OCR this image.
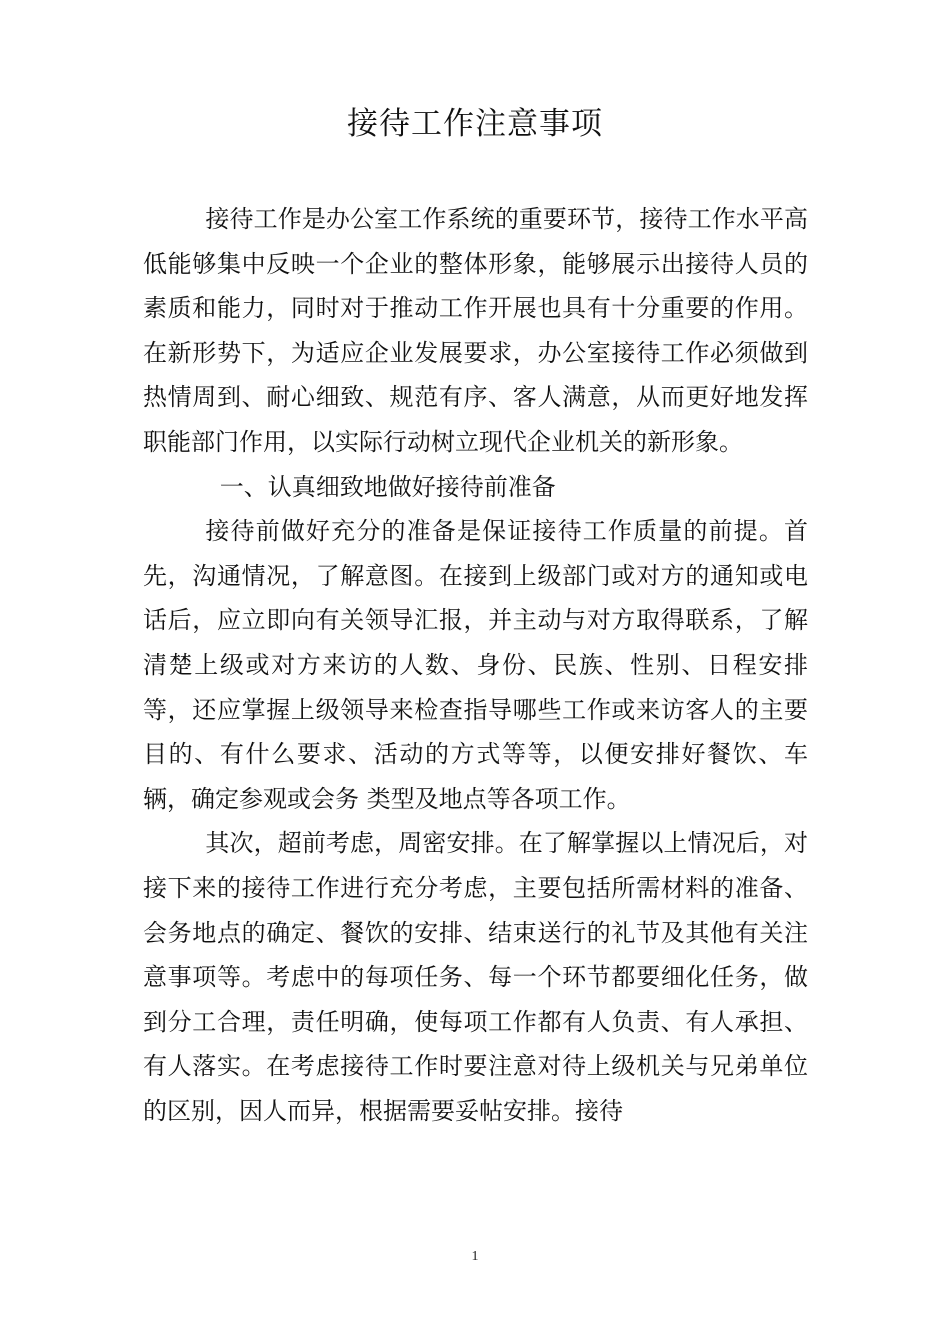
接待工作注意事项

接待工作是办公室工作系统的重要环节，接待工作水平高低能够集中反映一个企业的整体形象，能够展示出接待人员的素质和能力，同时对于推动工作开展也具有十分重要的作用。在新形势下，为适应企业发展要求，办公室接待工作必须做到热情周到、耐心细致、规范有序、客人满意，从而更好地发挥职能部门作用，以实际行动树立现代企业机关的新形象。

一、认真细致地做好接待前准备

接待前做好充分的准备是保证接待工作质量的前提。首先，沟通情况，了解意图。在接到上级部门或对方的通知或电话后，应立即向有关领导汇报，并主动与对方取得联系，了解清楚上级或对方来访的人数、身份、民族、性别、日程安排等，还应掌握上级领导来检查指导哪些工作或来访客人的主要目的、有什么要求、活动的方式等等，以便安排好餐饮、车辆，确定参观或会务 类型及地点等各项工作。

其次，超前考虑，周密安排。在了解掌握以上情况后，对接下来的接待工作进行充分考虑，主要包括所需材料的准备、会务地点的确定、餐饮的安排、结束送行的礼节及其他有关注意事项等。考虑中的每项任务、每一个环节都要细化任务，做到分工合理，责任明确，使每项工作都有人负责、有人承担、有人落实。在考虑接待工作时要注意对待上级机关与兄弟单位的区别，因人而异，根据需要妥帖安排。接待

1
